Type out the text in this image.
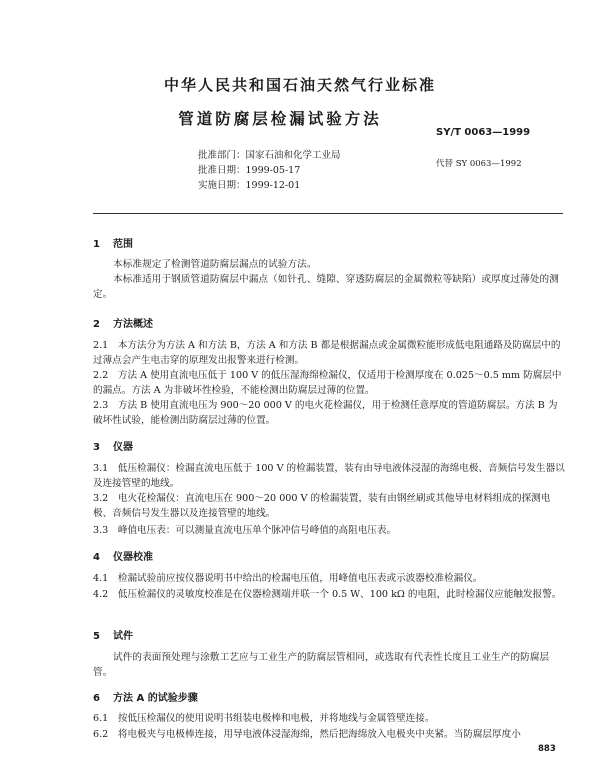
中华人民共和国石油天然气行业标准
管道防腐层检漏试验方法
SY/T 0063—1999
批准部门：国家石油和化学工业局
批准日期：1999-05-17
实施日期：1999-12-01
代替 SY 0063—1992
1 范围
本标准规定了检测管道防腐层漏点的试验方法。
本标准适用于钢质管道防腐层中漏点（如针孔、缝隙、穿透防腐层的金属微粒等缺陷）或厚度过薄处的测定。
2 方法概述
2.1　本方法分为方法 A 和方法 B，方法 A 和方法 B 都是根据漏点或金属微粒能形成低电阻通路及防腐层中的过薄点会产生电击穿的原理发出报警来进行检测。
2.2　方法 A 使用直流电压低于 100 V 的低压湿海绵检漏仪，仅适用于检测厚度在 0.025～0.5 mm 防腐层中的漏点。方法 A 为非破坏性检验，不能检测出防腐层过薄的位置。
2.3　方法 B 使用直流电压为 900～20 000 V 的电火花检漏仪，用于检测任意厚度的管道防腐层。方法 B 为破坏性试验，能检测出防腐层过薄的位置。
3 仪器
3.1　低压检漏仪：检漏直流电压低于 100 V 的检漏装置，装有由导电液体浸湿的海绵电极、音频信号发生器以及连接管壁的地线。
3.2　电火花检漏仪：直流电压在 900～20 000 V 的检漏装置，装有由钢丝刷或其他导电材料组成的探测电极、音频信号发生器以及连接管壁的地线。
3.3　峰值电压表：可以测量直流电压单个脉冲信号峰值的高阻电压表。
4 仪器校准
4.1　检漏试验前应按仪器说明书中给出的检漏电压值，用峰值电压表或示波器校准检漏仪。
4.2　低压检漏仪的灵敏度校准是在仪器检测端并联一个 0.5 W、100 kΩ 的电阻，此时检漏仪应能触发报警。
5 试件
试件的表面预处理与涂敷工艺应与工业生产的防腐层管相同，或选取有代表性长度且工业生产的防腐层管。
6 方法 A 的试验步骤
6.1　按低压检漏仪的使用说明书组装电极棒和电极，并将地线与金属管壁连接。
6.2　将电极夹与电极棒连接，用导电液体浸湿海绵，然后把海绵放入电极夹中夹紧。当防腐层厚度小
883
